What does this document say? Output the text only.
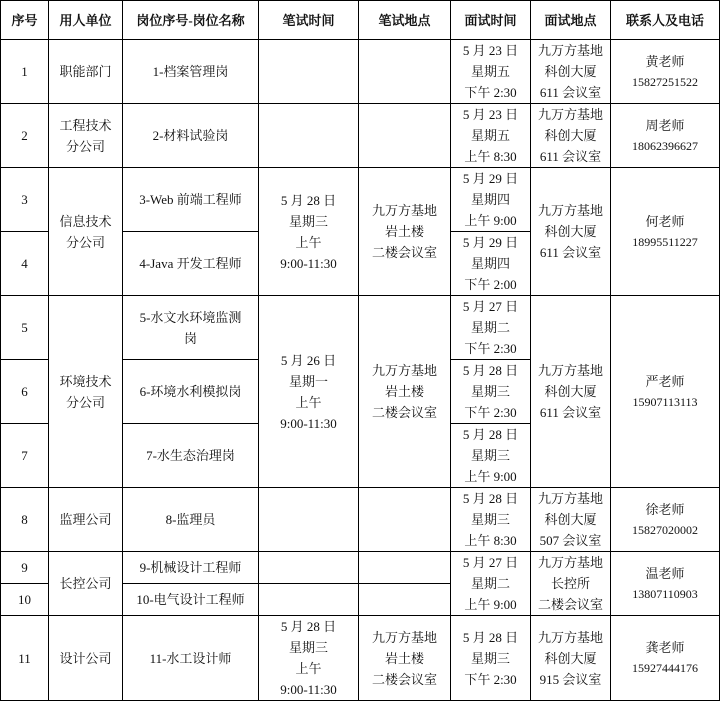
序号	用人单位	岗位序号-岗位名称	笔试时间	笔试地点	面试时间	面试地点	联系人及电话
1	职能部门	1-档案管理岗			5 月 23 日
星期五
下午 2:30	九万方基地
科创大厦
611 会议室	黄老师
15827251522

2	工程技术
分公司	2-材料试验岗			5 月 23 日
星期五
上午 8:30	九万方基地
科创大厦
611 会议室	周老师
18062396627

3	信息技术
分公司	3-Web 前端工程师	5 月 28 日
星期三
上午
9:00-11:30	九万方基地
岩土楼
二楼会议室	5 月 29 日
星期四
上午 9:00	九万方基地
科创大厦
611 会议室	何老师
18995511227

4		4-Java 开发工程师			5 月 29 日
星期四
下午 2:00		

5	环境技术
分公司	5-水文水环境监测
岗	5 月 26 日
星期一
上午
9:00-11:30	九万方基地
岩土楼
二楼会议室	5 月 27 日
星期二
下午 2:30	九万方基地
科创大厦
611 会议室	严老师
15907113113

6		6-环境水利模拟岗			5 月 28 日
星期三
下午 2:30		

7		7-水生态治理岗			5 月 28 日
星期三
上午 9:00		

8	监理公司	8-监理员			5 月 28 日
星期三
上午 8:30	九万方基地
科创大厦
507 会议室	徐老师
15827020002

9	长控公司	9-机械设计工程师			5 月 27 日
星期二
上午 9:00	九万方基地
长控所
二楼会议室	温老师
13807110903

10		10-电气设计工程师					
11	设计公司	11-水工设计师	5 月 28 日
星期三
上午
9:00-11:30	九万方基地
岩土楼
二楼会议室	5 月 28 日
星期三
下午 2:30	九万方基地
科创大厦
915 会议室	龚老师
15927444176
